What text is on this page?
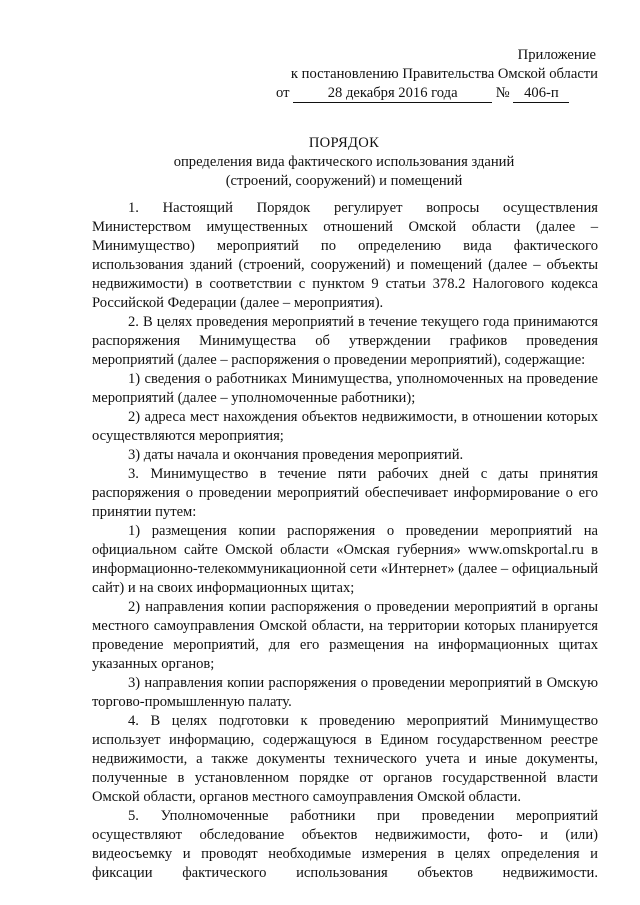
Приложение
к постановлению Правительства Омской области
от	28 декабря 2016 года	№ 406-п
ПОРЯДОК
определения вида фактического использования зданий
(строений, сооружений) и помещений

1. Настоящий Порядок регулирует вопросы осуществления Министерством имущественных отношений Омской области (далее – Минимущество) мероприятий по определению вида фактического использования зданий (строений, сооружений) и помещений (далее – объекты недвижимости) в соответствии с пунктом 9 статьи 378.2 Налогового кодекса Российской Федерации (далее – мероприятия).

2. В целях проведения мероприятий в течение текущего года принимаются распоряжения Минимущества об утверждении графиков проведения мероприятий (далее – распоряжения о проведении мероприятий), содержащие:

1) сведения о работниках Минимущества, уполномоченных на проведение мероприятий (далее – уполномоченные работники);

2) адреса мест нахождения объектов недвижимости, в отношении которых осуществляются мероприятия;

3) даты начала и окончания проведения мероприятий.

3. Минимущество в течение пяти рабочих дней с даты принятия распоряжения о проведении мероприятий обеспечивает информирование о его принятии путем:

1) размещения копии распоряжения о проведении мероприятий на официальном сайте Омской области «Омская губерния» www.omskportal.ru в информационно-телекоммуникационной сети «Интернет» (далее – официальный сайт) и на своих информационных щитах;

2) направления копии распоряжения о проведении мероприятий в органы местного самоуправления Омской области, на территории которых планируется проведение мероприятий, для его размещения на информационных щитах указанных органов;

3) направления копии распоряжения о проведении мероприятий в Омскую торгово-промышленную палату.

4. В целях подготовки к проведению мероприятий Минимущество использует информацию, содержащуюся в Едином государственном реестре недвижимости, а также документы технического учета и иные документы, полученные в установленном порядке от органов государственной власти Омской области, органов местного самоуправления Омской области.

5. Уполномоченные работники при проведении мероприятий осуществляют обследование объектов недвижимости, фото- и (или) видеосъемку и проводят необходимые измерения в целях определения и фиксации фактического использования объектов недвижимости.
